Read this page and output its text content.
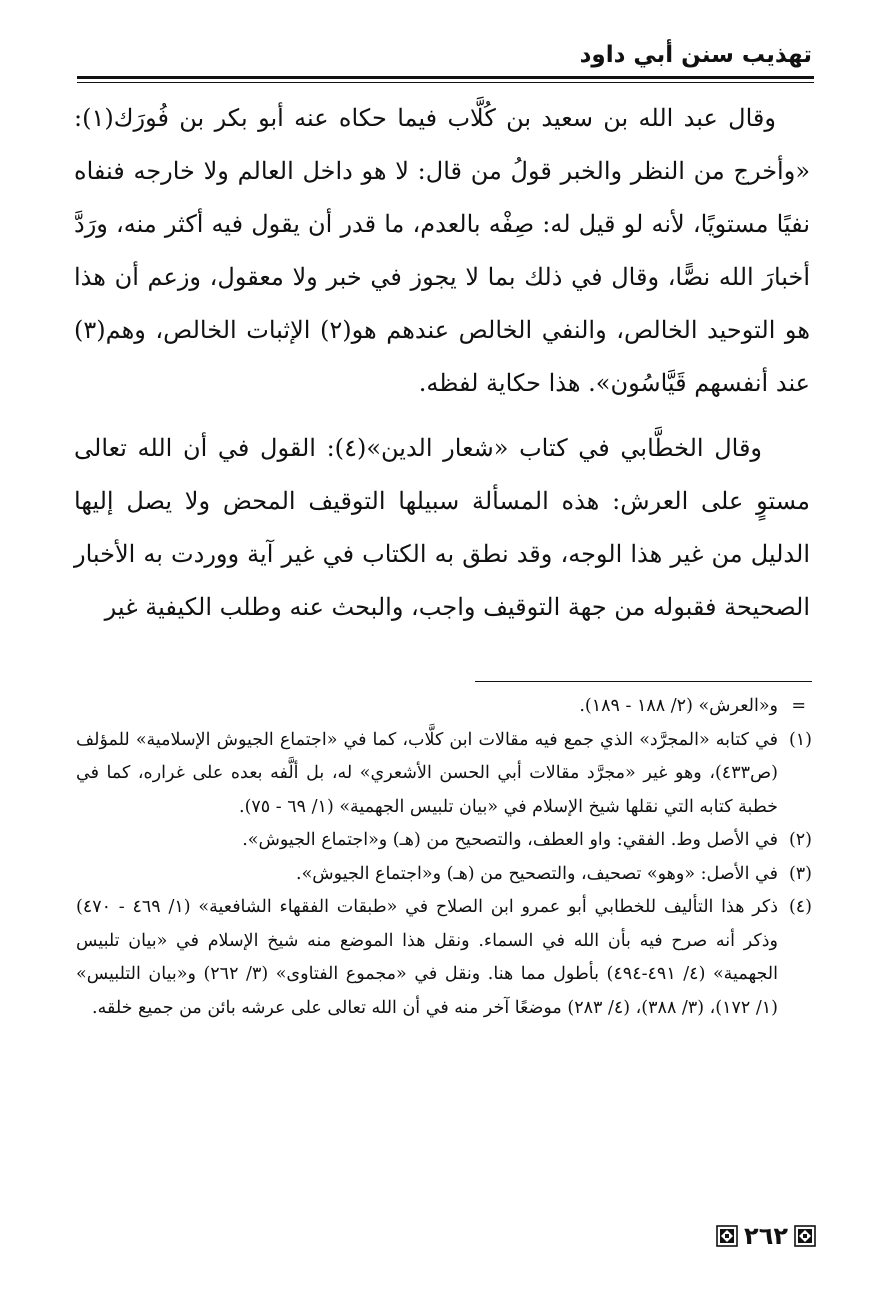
تهذيب سنن أبي داود

وقال عبد الله بن سعيد بن كُلَّاب فيما حكاه عنه أبو بكر بن فُورَك(١): «وأخرج من النظر والخبر قولُ من قال: لا هو داخل العالم ولا خارجه فنفاه نفيًا مستويًا، لأنه لو قيل له: صِفْه بالعدم، ما قدر أن يقول فيه أكثر منه، ورَدَّ أخبارَ الله نصًّا، وقال في ذلك بما لا يجوز في خبر ولا معقول، وزعم أن هذا هو التوحيد الخالص، والنفي الخالص عندهم هو(٢) الإثبات الخالص، وهم(٣) عند أنفسهم قَيَّاسُون». هذا حكاية لفظه.

وقال الخطَّابي في كتاب «شعار الدين»(٤): القول في أن الله تعالى مستوٍ على العرش: هذه المسألة سبيلها التوقيف المحض ولا يصل إليها الدليل من غير هذا الوجه، وقد نطق به الكتاب في غير آية ووردت به الأخبار الصحيحة فقبوله من جهة التوقيف واجب، والبحث عنه وطلب الكيفية غير

=
و«العرش» (٢/ ١٨٨ - ١٨٩).
(١)
في كتابه «المجرَّد» الذي جمع فيه مقالات ابن كلَّاب، كما في «اجتماع الجيوش الإسلامية» للمؤلف (ص٤٣٣)، وهو غير «مجرَّد مقالات أبي الحسن الأشعري» له، بل ألَّفه بعده على غراره، كما في خطبة كتابه التي نقلها شيخ الإسلام في «بيان تلبيس الجهمية» (١/ ٦٩ - ٧٥).
(٢)
في الأصل وط. الفقي: واو العطف، والتصحيح من (هـ) و«اجتماع الجيوش».
(٣)
في الأصل: «وهو» تصحيف، والتصحيح من (هـ) و«اجتماع الجيوش».
(٤)
ذكر هذا التأليف للخطابي أبو عمرو ابن الصلاح في «طبقات الفقهاء الشافعية» (١/ ٤٦٩ - ٤٧٠) وذكر أنه صرح فيه بأن الله في السماء. ونقل هذا الموضع منه شيخ الإسلام في «بيان تلبيس الجهمية» (٤/ ٤٩١-٤٩٤) بأطول مما هنا. ونقل في «مجموع الفتاوى» (٣/ ٢٦٢) و«بيان التلبيس» (١/ ١٧٢)، (٣/ ٣٨٨)، (٤/ ٢٨٣) موضعًا آخر منه في أن الله تعالى على عرشه بائن من جميع خلقه.
٢٦٢
